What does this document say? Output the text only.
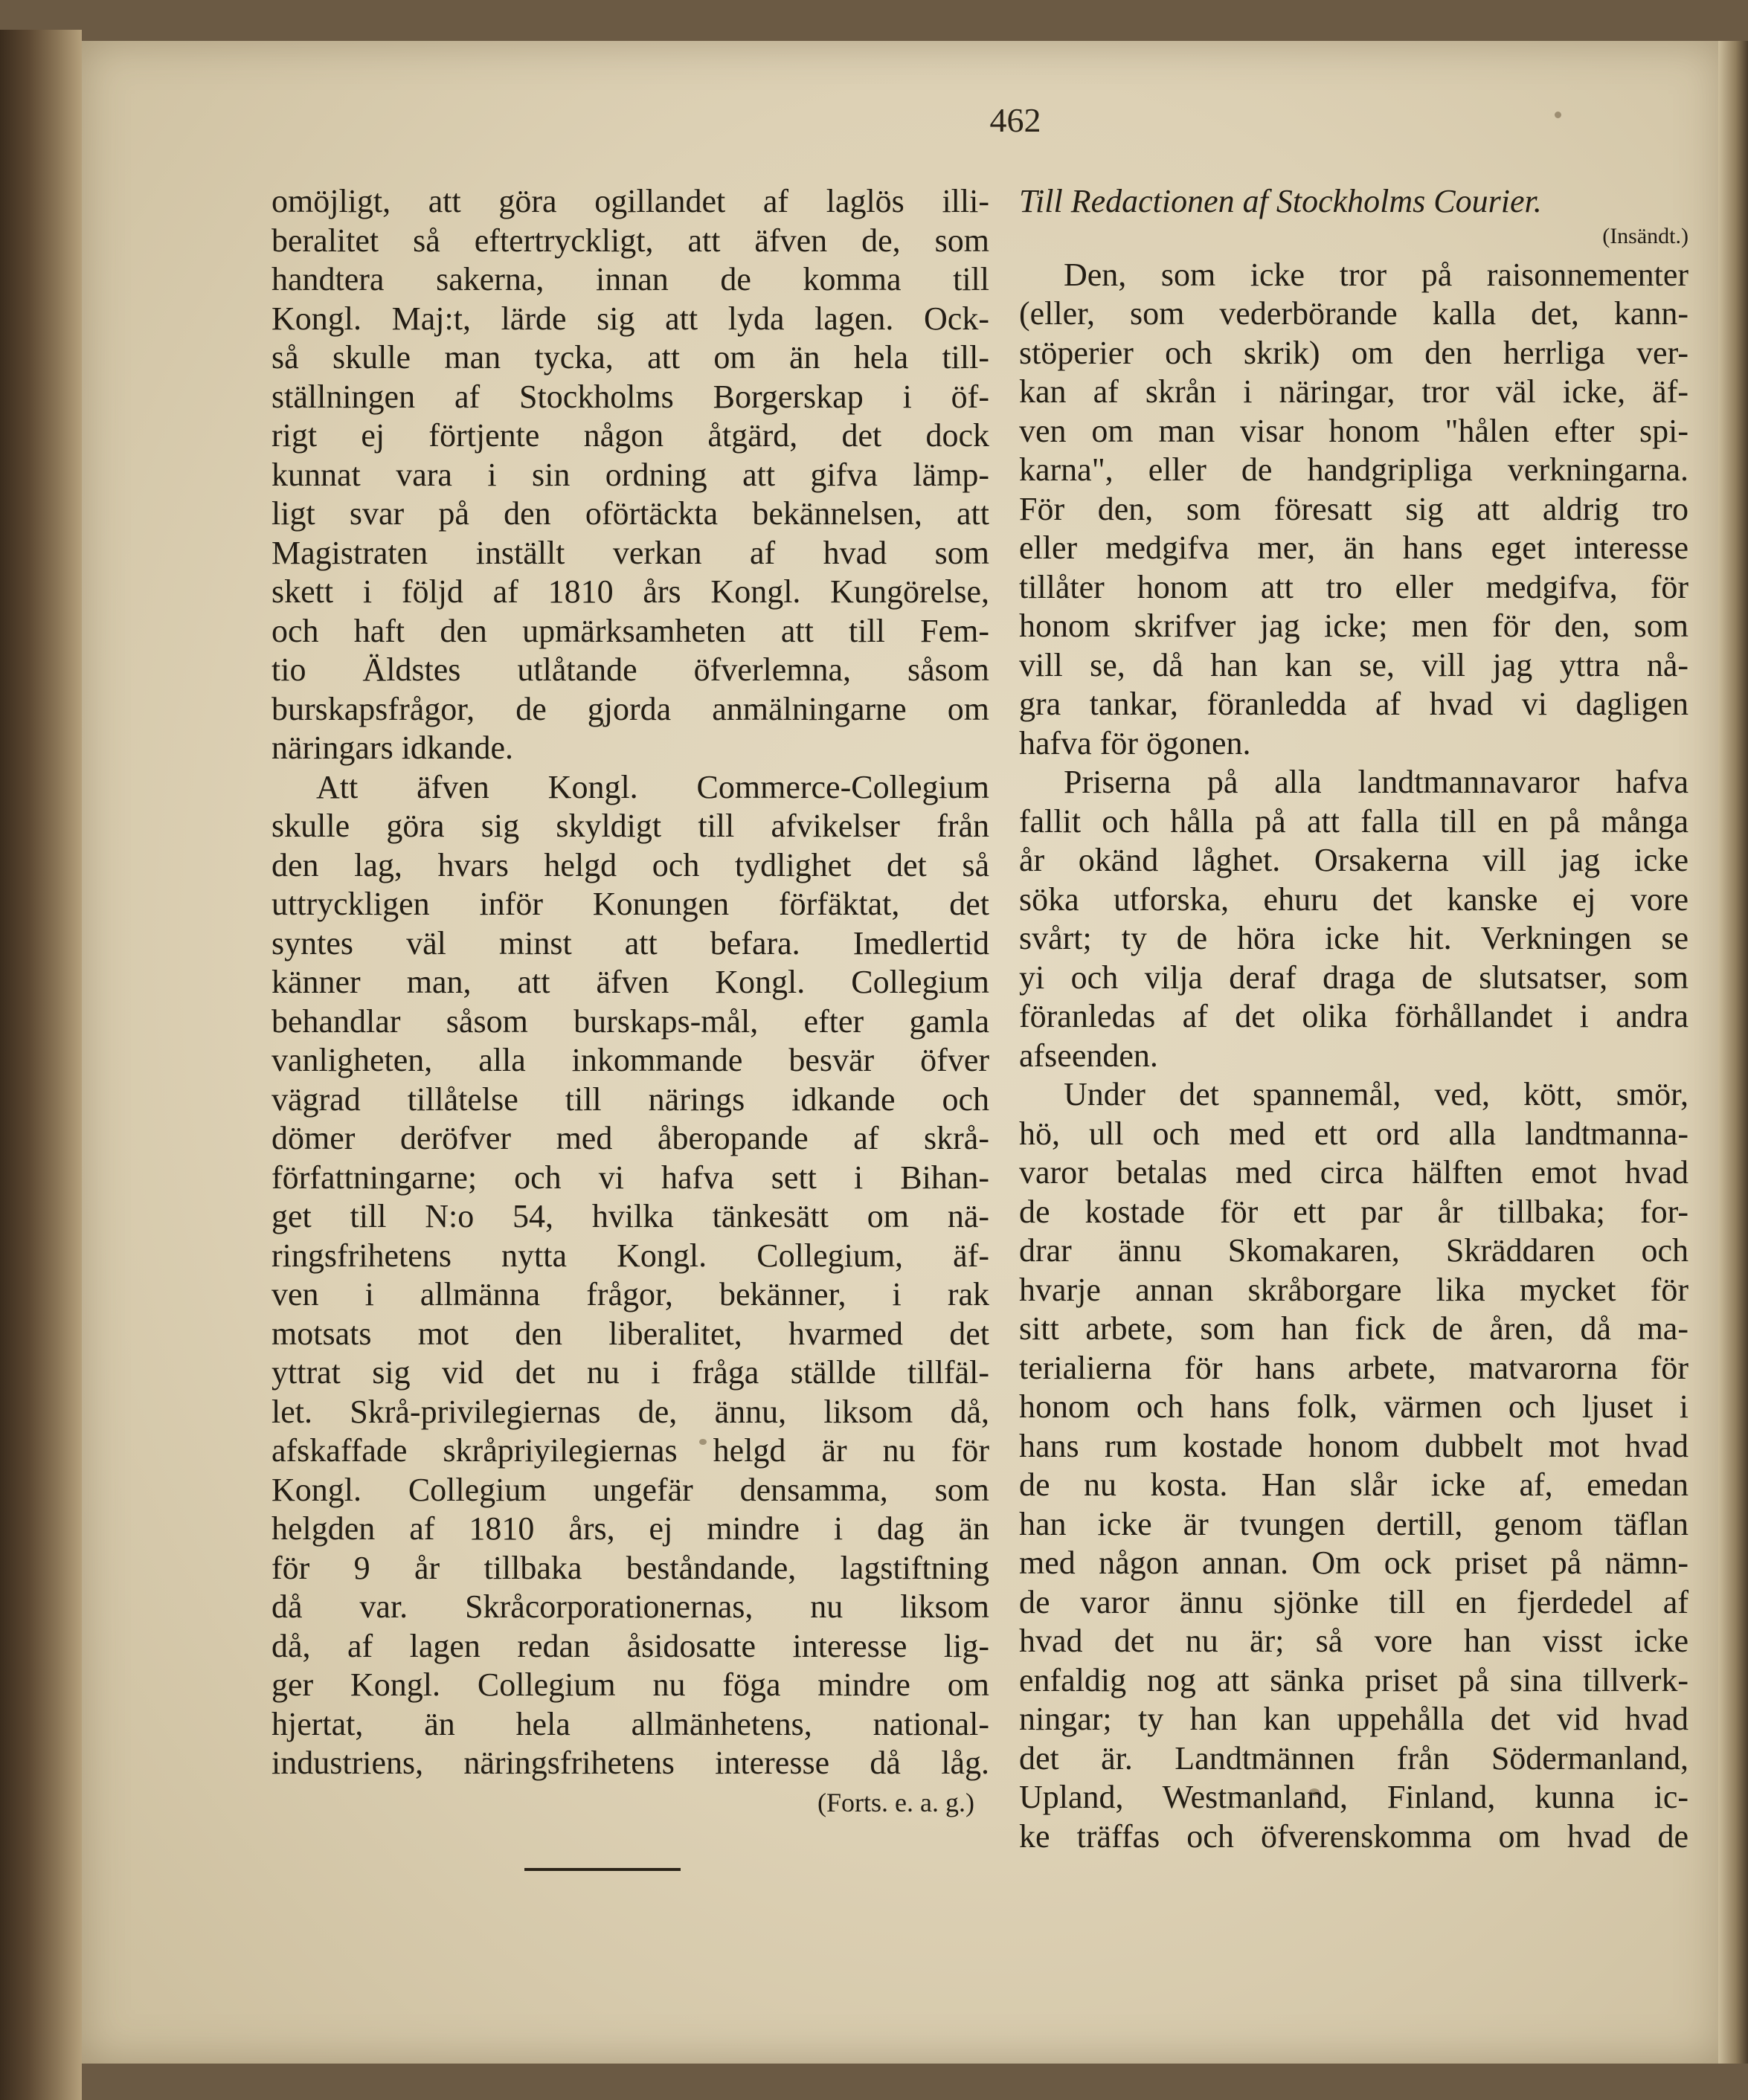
462
omöjligt, att göra ogillandet af laglös illi-
beralitet så eftertryckligt, att äfven de, som
handtera sakerna, innan de komma till
Kongl. Maj:t, lärde sig att lyda lagen. Ock-
så skulle man tycka, att om än hela till-
ställningen af Stockholms Borgerskap i öf-
rigt ej förtjente någon åtgärd, det dock
kunnat vara i sin ordning att gifva lämp-
ligt svar på den oförtäckta bekännelsen, att
Magistraten inställt verkan af hvad som
skett i följd af 1810 års Kongl. Kungörelse,
och haft den upmärksamheten att till Fem-
tio Äldstes utlåtande öfverlemna, såsom
burskapsfrågor, de gjorda anmälningarne om
näringars idkande.
Att äfven Kongl. Commerce-Collegium
skulle göra sig skyldigt till afvikelser från
den lag, hvars helgd och tydlighet det så
uttryckligen inför Konungen förfäktat, det
syntes väl minst att befara. Imedlertid
känner man, att äfven Kongl. Collegium
behandlar såsom burskaps-mål, efter gamla
vanligheten, alla inkommande besvär öfver
vägrad tillåtelse till närings idkande och
dömer deröfver med åberopande af skrå-
författningarne; och vi hafva sett i Bihan-
get till N:o 54, hvilka tänkesätt om nä-
ringsfrihetens nytta Kongl. Collegium, äf-
ven i allmänna frågor, bekänner, i rak
motsats mot den liberalitet, hvarmed det
yttrat sig vid det nu i fråga ställde tillfäl-
let. Skrå-privilegiernas de, ännu, liksom då,
afskaffade skråpriyilegiernas helgd är nu för
Kongl. Collegium ungefär densamma, som
helgden af 1810 års, ej mindre i dag än
för 9 år tillbaka beståndande, lagstiftning
då var. Skråcorporationernas, nu liksom
då, af lagen redan åsidosatte interesse lig-
ger Kongl. Collegium nu föga mindre om
hjertat, än hela allmänhetens, national-
industriens, näringsfrihetens interesse då låg.
(Forts. e. a. g.)
Till Redactionen af Stockholms Courier.
(Insändt.)
Den, som icke tror på raisonnementer
(eller, som vederbörande kalla det, kann-
stöperier och skrik) om den herrliga ver-
kan af skrån i näringar, tror väl icke, äf-
ven om man visar honom "hålen efter spi-
karna", eller de handgripliga verkningarna.
För den, som föresatt sig att aldrig tro
eller medgifva mer, än hans eget interesse
tillåter honom att tro eller medgifva, för
honom skrifver jag icke; men för den, som
vill se, då han kan se, vill jag yttra nå-
gra tankar, föranledda af hvad vi dagligen
hafva för ögonen.
Priserna på alla landtmannavaror hafva
fallit och hålla på att falla till en på många
år okänd låghet. Orsakerna vill jag icke
söka utforska, ehuru det kanske ej vore
svårt; ty de höra icke hit. Verkningen se
yi och vilja deraf draga de slutsatser, som
föranledas af det olika förhållandet i andra
afseenden.
Under det spannemål, ved, kött, smör,
hö, ull och med ett ord alla landtmanna-
varor betalas med circa hälften emot hvad
de kostade för ett par år tillbaka; for-
drar ännu Skomakaren, Skräddaren och
hvarje annan skråborgare lika mycket för
sitt arbete, som han fick de åren, då ma-
terialierna för hans arbete, matvarorna för
honom och hans folk, värmen och ljuset i
hans rum kostade honom dubbelt mot hvad
de nu kosta. Han slår icke af, emedan
han icke är tvungen dertill, genom täflan
med någon annan. Om ock priset på nämn-
de varor ännu sjönke till en fjerdedel af
hvad det nu är; så vore han visst icke
enfaldig nog att sänka priset på sina tillverk-
ningar; ty han kan uppehålla det vid hvad
det är. Landtmännen från Södermanland,
Upland, Westmanland, Finland, kunna ic-
ke träffas och öfverenskomma om hvad de
